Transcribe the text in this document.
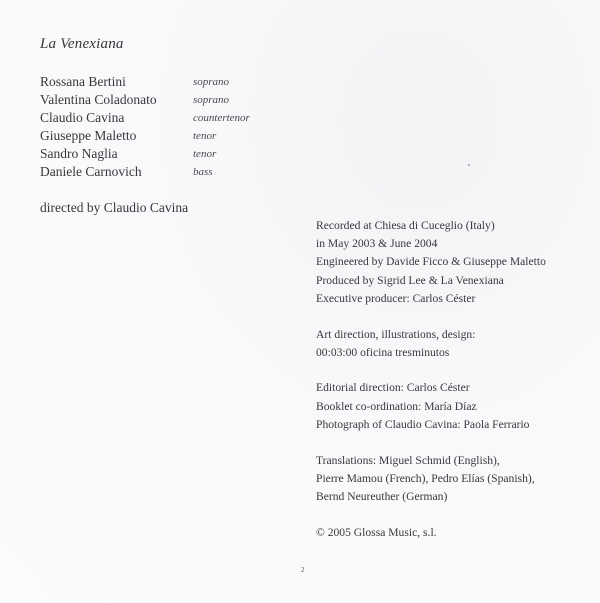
La Venexiana
Rossana Bertini	soprano
Valentina Coladonato	soprano
Claudio Cavina	countertenor
Giuseppe Maletto	tenor
Sandro Naglia	tenor
Daniele Carnovich	bass
directed by Claudio Cavina
Recorded at Chiesa di Cuceglio (Italy)
in May 2003 & June 2004
Engineered by Davide Ficco & Giuseppe Maletto
Produced by Sigrid Lee & La Venexiana
Executive producer: Carlos Céster
Art direction, illustrations, design:
00:03:00 oficina tresminutos
Editorial direction: Carlos Céster
Booklet co-ordination: María Díaz
Photograph of Claudio Cavina: Paola Ferrario
Translations: Miguel Schmid (English),
Pierre Mamou (French), Pedro Elías (Spanish),
Bernd Neureuther (German)
© 2005 Glossa Music, s.l.
2
